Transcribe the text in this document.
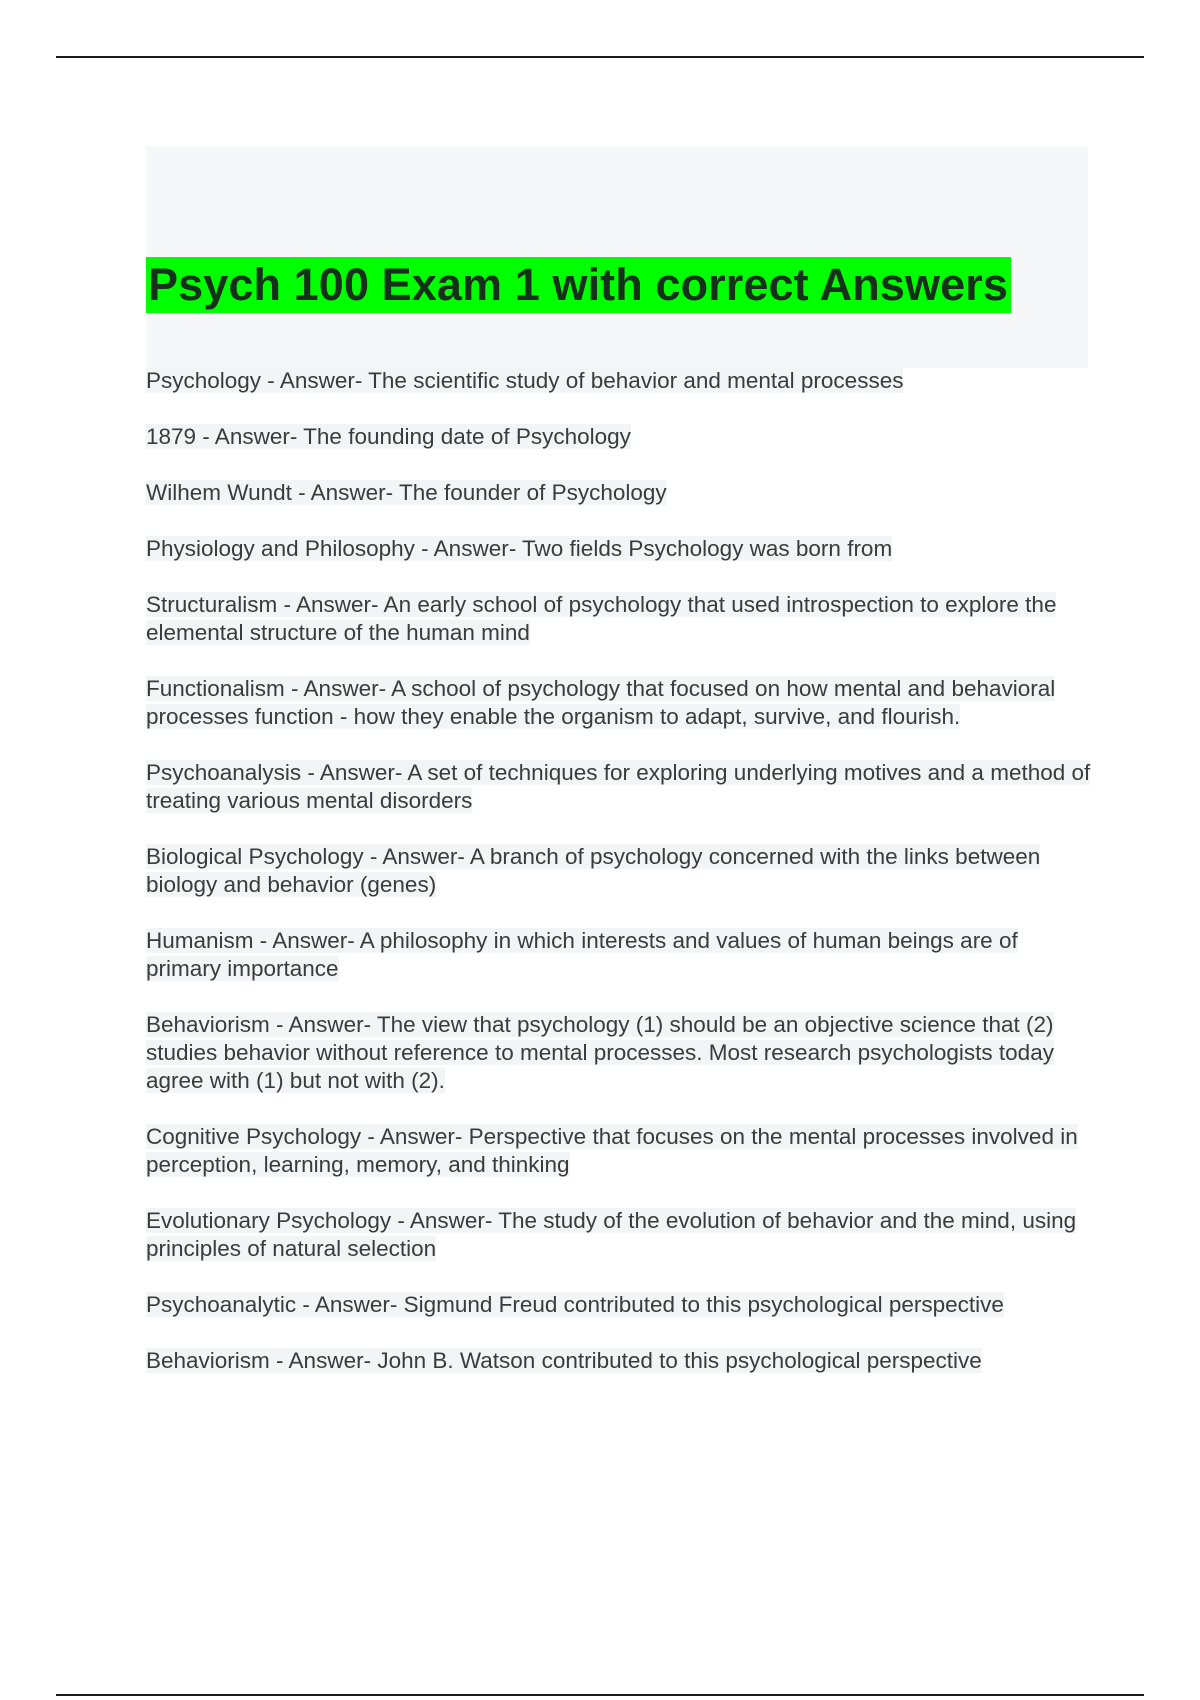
Psych 100 Exam 1 with correct Answers

Psychology - Answer- The scientific study of behavior and mental processes

1879 - Answer- The founding date of Psychology

Wilhem Wundt - Answer- The founder of Psychology

Physiology and Philosophy - Answer- Two fields Psychology was born from

Structuralism - Answer- An early school of psychology that used introspection to explore the elemental structure of the human mind

Functionalism - Answer- A school of psychology that focused on how mental and behavioral processes function - how they enable the organism to adapt, survive, and flourish.

Psychoanalysis - Answer- A set of techniques for exploring underlying motives and a method of treating various mental disorders

Biological Psychology - Answer- A branch of psychology concerned with the links between biology and behavior (genes)

Humanism - Answer- A philosophy in which interests and values of human beings are of primary importance

Behaviorism - Answer- The view that psychology (1) should be an objective science that (2) studies behavior without reference to mental processes. Most research psychologists today agree with (1) but not with (2).

Cognitive Psychology - Answer- Perspective that focuses on the mental processes involved in perception, learning, memory, and thinking

Evolutionary Psychology - Answer- The study of the evolution of behavior and the mind, using principles of natural selection

Psychoanalytic - Answer- Sigmund Freud contributed to this psychological perspective

Behaviorism - Answer- John B. Watson contributed to this psychological perspective
